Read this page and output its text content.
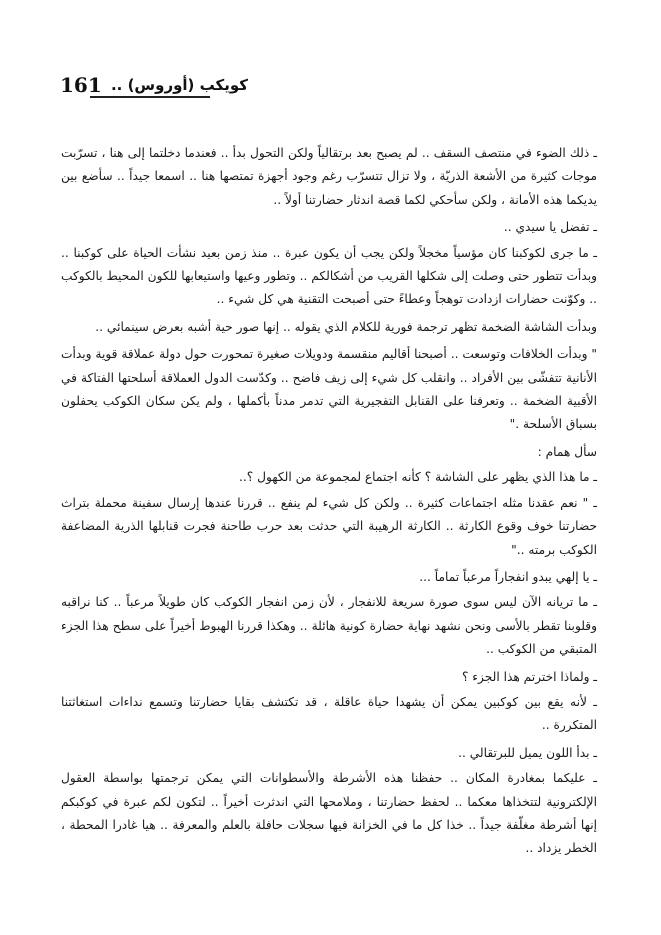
161 كويكب (أوروس) ..

ـ ذلك الضوء في منتصف السقف .. لم يصبح بعد برتقالياً ولكن التحول بدأ .. فعندما دخلتما إلى هنا ، تسرّبت موجات كثيرة من الأشعة الذريّة ، ولا تزال تتسرّب رغم وجود أجهزة تمتصها هنا .. اسمعا جيداً .. سأضع بين يديكما هذه الأمانة ، ولكن سأحكي لكما قصة اندثار حضارتنا أولاً ..

ـ تفضل يا سيدي ..

ـ ما جرى لكوكبنا كان مؤسياً مخجلاً ولكن يجب أن يكون عبرة .. منذ زمن بعيد نشأت الحياة على كوكبنا .. وبدأت تتطور حتى وصلت إلى شكلها القريب من أشكالكم .. وتطور وعيها واستيعابها للكون المحيط بالكوكب .. وكوّنت حضارات ازدادت توهجاً وعطاءً حتى أصبحت التقنية هي كل شيء ..

وبدأت الشاشة الضخمة تظهر ترجمة فورية للكلام الذي يقوله .. إنها صور حية أشبه بعرض سينمائي ..

" وبدأت الخلافات وتوسعت .. أصبحنا أقاليم منقسمة ودويلات صغيرة تمحورت حول دولة عملاقة قوية وبدأت الأنانية تتفشّى بين الأفراد .. وانقلب كل شيء إلى زيف فاضح .. وكدّست الدول العملاقة أسلحتها الفتاكة في الأقبية الضخمة .. وتعرفنا على القنابل التفجيرية التي تدمر مدناً بأكملها ، ولم يكن سكان الكوكب يحفلون بسباق الأسلحة ."

سأل همام :

ـ ما هذا الذي يظهر على الشاشة ؟ كأنه اجتماع لمجموعة من الكهول ؟..

ـ " نعم عقدنا مثله اجتماعات كثيرة .. ولكن كل شيء لم ينفع .. قررنا عندها إرسال سفينة محملة بتراث حضارتنا خوف وقوع الكارثة .. الكارثة الرهيبة التي حدثت بعد حرب طاحنة فجرت قنابلها الذرية المضاعفة الكوكب برمته .."

ـ يا إلهي يبدو انفجاراً مرعباً تماماً ...

ـ ما تريانه الآن ليس سوى صورة سريعة للانفجار ، لأن زمن انفجار الكوكب كان طويلاً مرعباً .. كنا نراقبه وقلوبنا تقطر بالأسى ونحن نشهد نهاية حضارة كونية هائلة .. وهكذا قررنا الهبوط أخيراً على سطح هذا الجزء المتبقي من الكوكب ..

ـ ولماذا اخترتم هذا الجزء ؟

ـ لأنه يقع بين كوكبين يمكن أن يشهدا حياة عاقلة ، قد تكتشف بقايا حضارتنا وتسمع نداءات استغاثتنا المتكررة ..

ـ بدأ اللون يميل للبرتقالي ..

ـ عليكما بمغادرة المكان .. حفظنا هذه الأشرطة والأسطوانات التي يمكن ترجمتها بواسطة العقول الإلكترونية لتتخذاها معكما .. لحفظ حضارتنا ، وملامحها التي اندثرت أخيراً .. لتكون لكم عبرة في كوكبكم إنها أشرطة مغلّفة جيداً .. خذا كل ما في الخزانة فيها سجلات حافلة بالعلم والمعرفة .. هيا غادرا المحطة ، الخطر يزداد ..
